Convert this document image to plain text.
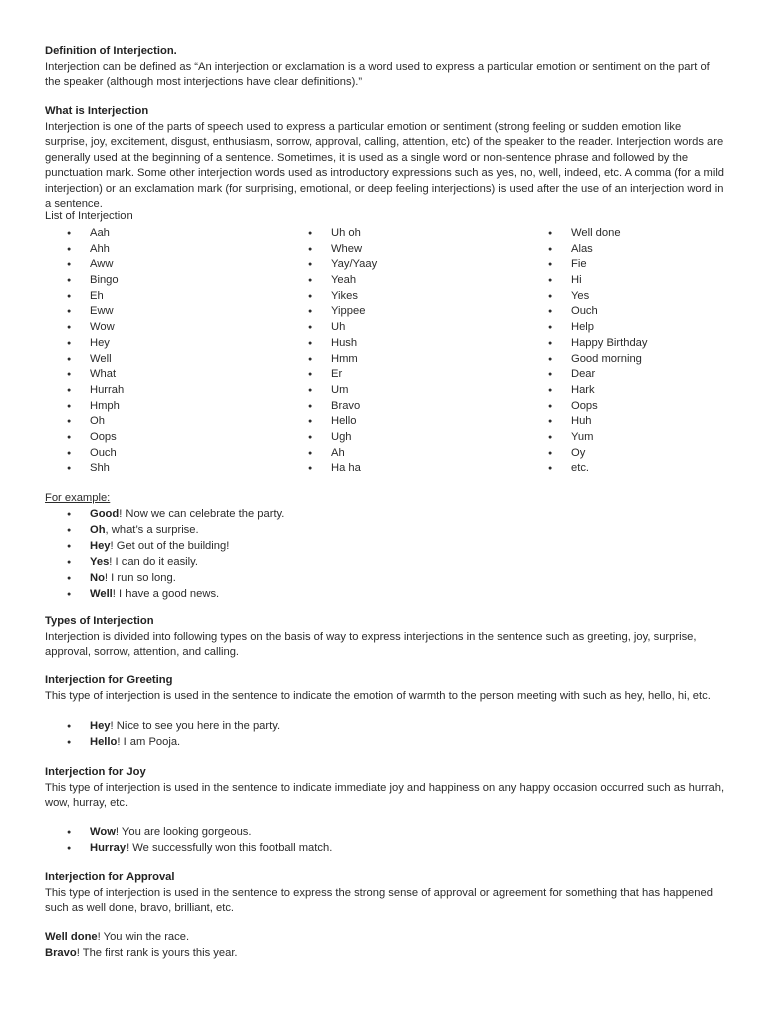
Definition of Interjection.

Interjection can be defined as “An interjection or exclamation is a word used to express a particular emotion or sentiment on the part of the speaker (although most interjections have clear definitions).”

What is Interjection

Interjection is one of the parts of speech used to express a particular emotion or sentiment (strong feeling or sudden emotion like surprise, joy, excitement, disgust, enthusiasm, sorrow, approval, calling, attention, etc) of the speaker to the reader. Interjection words are generally used at the beginning of a sentence. Sometimes, it is used as a single word or non-sentence phrase and followed by the punctuation mark. Some other interjection words used as introductory expressions such as yes, no, well, indeed, etc. A comma (for a mild interjection) or an exclamation mark (for surprising, emotional, or deep feeling interjections) is used after the use of an interjection word in a sentence.

List of Interjection
● Aah
● Ahh
● Aww
● Bingo
● Eh
● Eww
● Wow
● Hey
● Well
● What
● Hurrah
● Hmph
● Oh
● Oops
● Ouch
● Shh
● Uh oh
● Whew
● Yay/Yaay
● Yeah
● Yikes
● Yippee
● Uh
● Hush
● Hmm
● Er
● Um
● Bravo
● Hello
● Ugh
● Ah
● Ha ha
● Well done
● Alas
● Fie
● Hi
● Yes
● Ouch
● Help
● Happy Birthday
● Good morning
● Dear
● Hark
● Oops
● Huh
● Yum
● Oy
● etc.
For example:
● Good! Now we can celebrate the party.
● Oh, what’s a surprise.
● Hey! Get out of the building!
● Yes! I can do it easily.
● No! I run so long.
● Well! I have a good news.
Types of Interjection

Interjection is divided into following types on the basis of way to express interjections in the sentence such as greeting, joy, surprise, approval, sorrow, attention, and calling.

Interjection for Greeting

This type of interjection is used in the sentence to indicate the emotion of warmth to the person meeting with such as hey, hello, hi, etc.

● Hey! Nice to see you here in the party.
● Hello! I am Pooja.
Interjection for Joy

This type of interjection is used in the sentence to indicate immediate joy and happiness on any happy occasion occurred such as hurrah, wow, hurray, etc.

● Wow! You are looking gorgeous.
● Hurray! We successfully won this football match.
Interjection for Approval

This type of interjection is used in the sentence to express the strong sense of approval or agreement for something that has happened such as well done, bravo, brilliant, etc.

Well done! You win the race.
Bravo! The first rank is yours this year.
